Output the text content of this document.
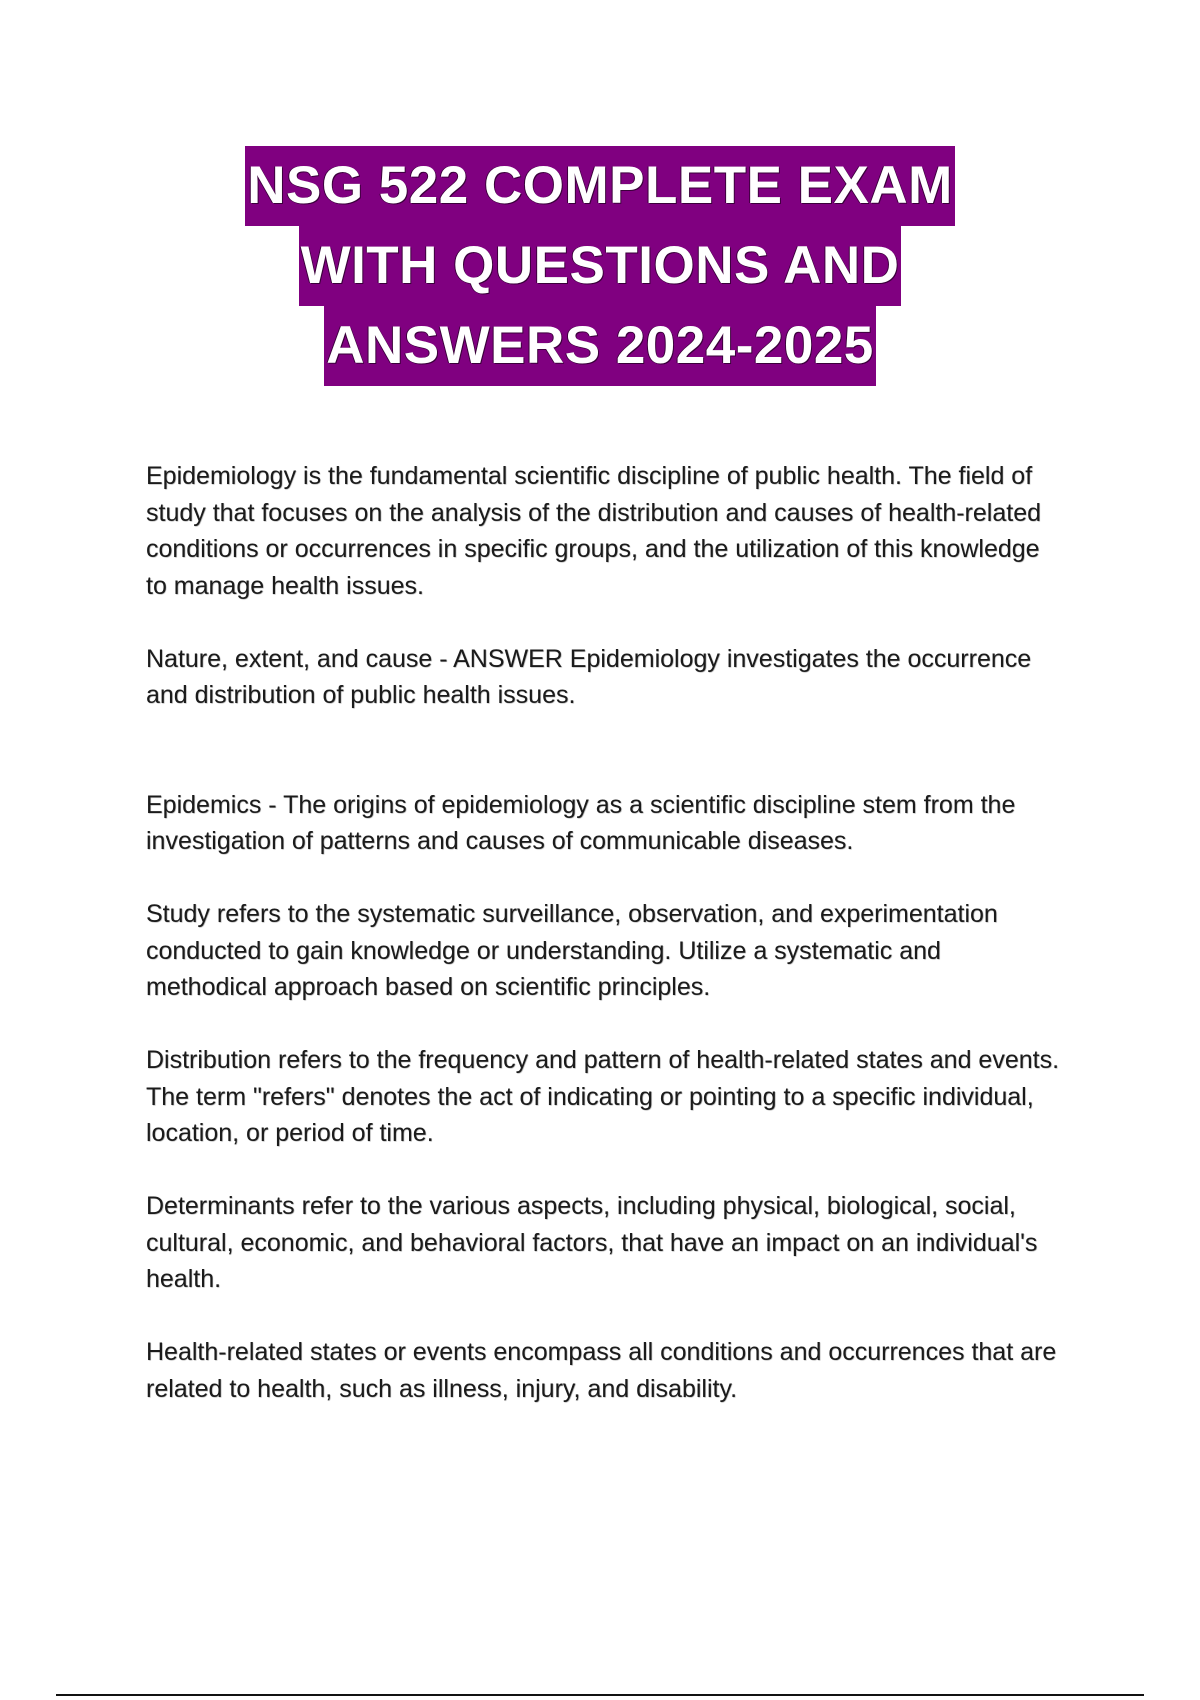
NSG 522 COMPLETE EXAM
WITH QUESTIONS AND
ANSWERS 2024-2025

Epidemiology is the fundamental scientific discipline of public health. The field of study that focuses on the analysis of the distribution and causes of health-related conditions or occurrences in specific groups, and the utilization of this knowledge to manage health issues.

Nature, extent, and cause - ANSWER Epidemiology investigates the occurrence and distribution of public health issues.

Epidemics - The origins of epidemiology as a scientific discipline stem from the investigation of patterns and causes of communicable diseases.

Study refers to the systematic surveillance, observation, and experimentation conducted to gain knowledge or understanding. Utilize a systematic and methodical approach based on scientific principles.

Distribution refers to the frequency and pattern of health-related states and events. The term "refers" denotes the act of indicating or pointing to a specific individual, location, or period of time.

Determinants refer to the various aspects, including physical, biological, social, cultural, economic, and behavioral factors, that have an impact on an individual's health.

Health-related states or events encompass all conditions and occurrences that are related to health, such as illness, injury, and disability.
